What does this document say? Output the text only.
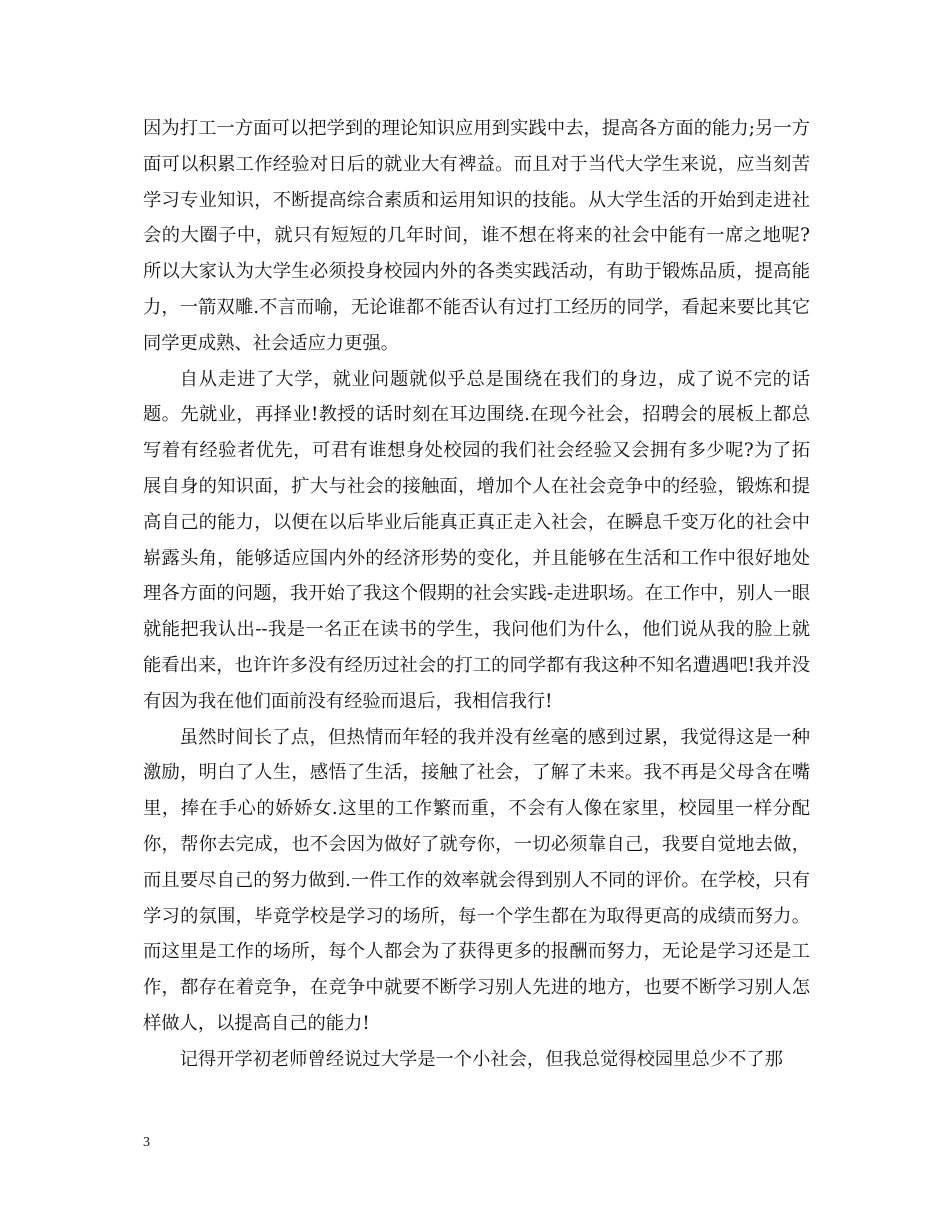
因为打工一方面可以把学到的理论知识应用到实践中去，提高各方面的能力;另一方面可以积累工作经验对日后的就业大有裨益。而且对于当代大学生来说，应当刻苦学习专业知识，不断提高综合素质和运用知识的技能。从大学生活的开始到走进社会的大圈子中，就只有短短的几年时间，谁不想在将来的社会中能有一席之地呢?所以大家认为大学生必须投身校园内外的各类实践活动，有助于锻炼品质，提高能力，一箭双雕.不言而喻，无论谁都不能否认有过打工经历的同学，看起来要比其它同学更成熟、社会适应力更强。

自从走进了大学，就业问题就似乎总是围绕在我们的身边，成了说不完的话题。先就业，再择业!教授的话时刻在耳边围绕.在现今社会，招聘会的展板上都总写着有经验者优先，可君有谁想身处校园的我们社会经验又会拥有多少呢?为了拓展自身的知识面，扩大与社会的接触面，增加个人在社会竞争中的经验，锻炼和提高自己的能力，以便在以后毕业后能真正真正走入社会，在瞬息千变万化的社会中崭露头角，能够适应国内外的经济形势的变化，并且能够在生活和工作中很好地处理各方面的问题，我开始了我这个假期的社会实践-走进职场。在工作中，别人一眼就能把我认出--我是一名正在读书的学生，我问他们为什么，他们说从我的脸上就能看出来，也许许多没有经历过社会的打工的同学都有我这种不知名遭遇吧!我并没有因为我在他们面前没有经验而退后，我相信我行!

虽然时间长了点，但热情而年轻的我并没有丝毫的感到过累，我觉得这是一种激励，明白了人生，感悟了生活，接触了社会，了解了未来。我不再是父母含在嘴里，捧在手心的娇娇女.这里的工作繁而重，不会有人像在家里，校园里一样分配你，帮你去完成，也不会因为做好了就夸你，一切必须靠自己，我要自觉地去做，而且要尽自己的努力做到.一件工作的效率就会得到别人不同的评价。在学校，只有学习的氛围，毕竟学校是学习的场所，每一个学生都在为取得更高的成绩而努力。而这里是工作的场所，每个人都会为了获得更多的报酬而努力，无论是学习还是工作，都存在着竞争，在竞争中就要不断学习别人先进的地方，也要不断学习别人怎样做人，以提高自己的能力!

记得开学初老师曾经说过大学是一个小社会，但我总觉得校园里总少不了那

3
